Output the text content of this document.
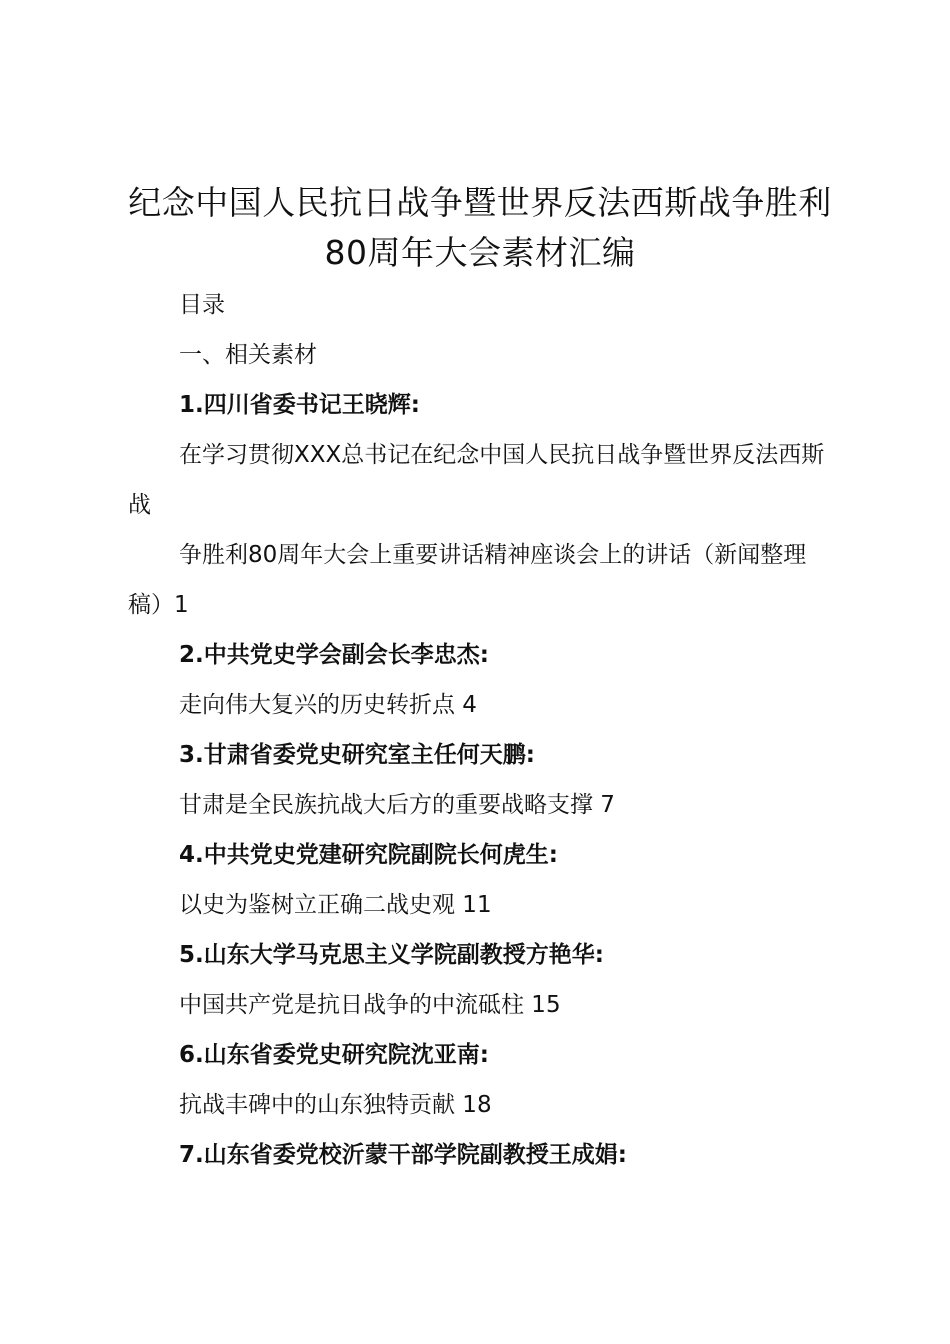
纪念中国人民抗日战争暨世界反法西斯战争胜利80周年大会素材汇编

目录

一、相关素材

1.四川省委书记王晓辉:

在学习贯彻XXX总书记在纪念中国人民抗日战争暨世界反法西斯战

争胜利80周年大会上重要讲话精神座谈会上的讲话（新闻整理稿）1

2.中共党史学会副会长李忠杰:

走向伟大复兴的历史转折点 4

3.甘肃省委党史研究室主任何天鹏:

甘肃是全民族抗战大后方的重要战略支撑 7

4.中共党史党建研究院副院长何虎生:

以史为鉴树立正确二战史观 11

5.山东大学马克思主义学院副教授方艳华:

中国共产党是抗日战争的中流砥柱 15

6.山东省委党史研究院沈亚南:

抗战丰碑中的山东独特贡献 18

7.山东省委党校沂蒙干部学院副教授王成娟:
